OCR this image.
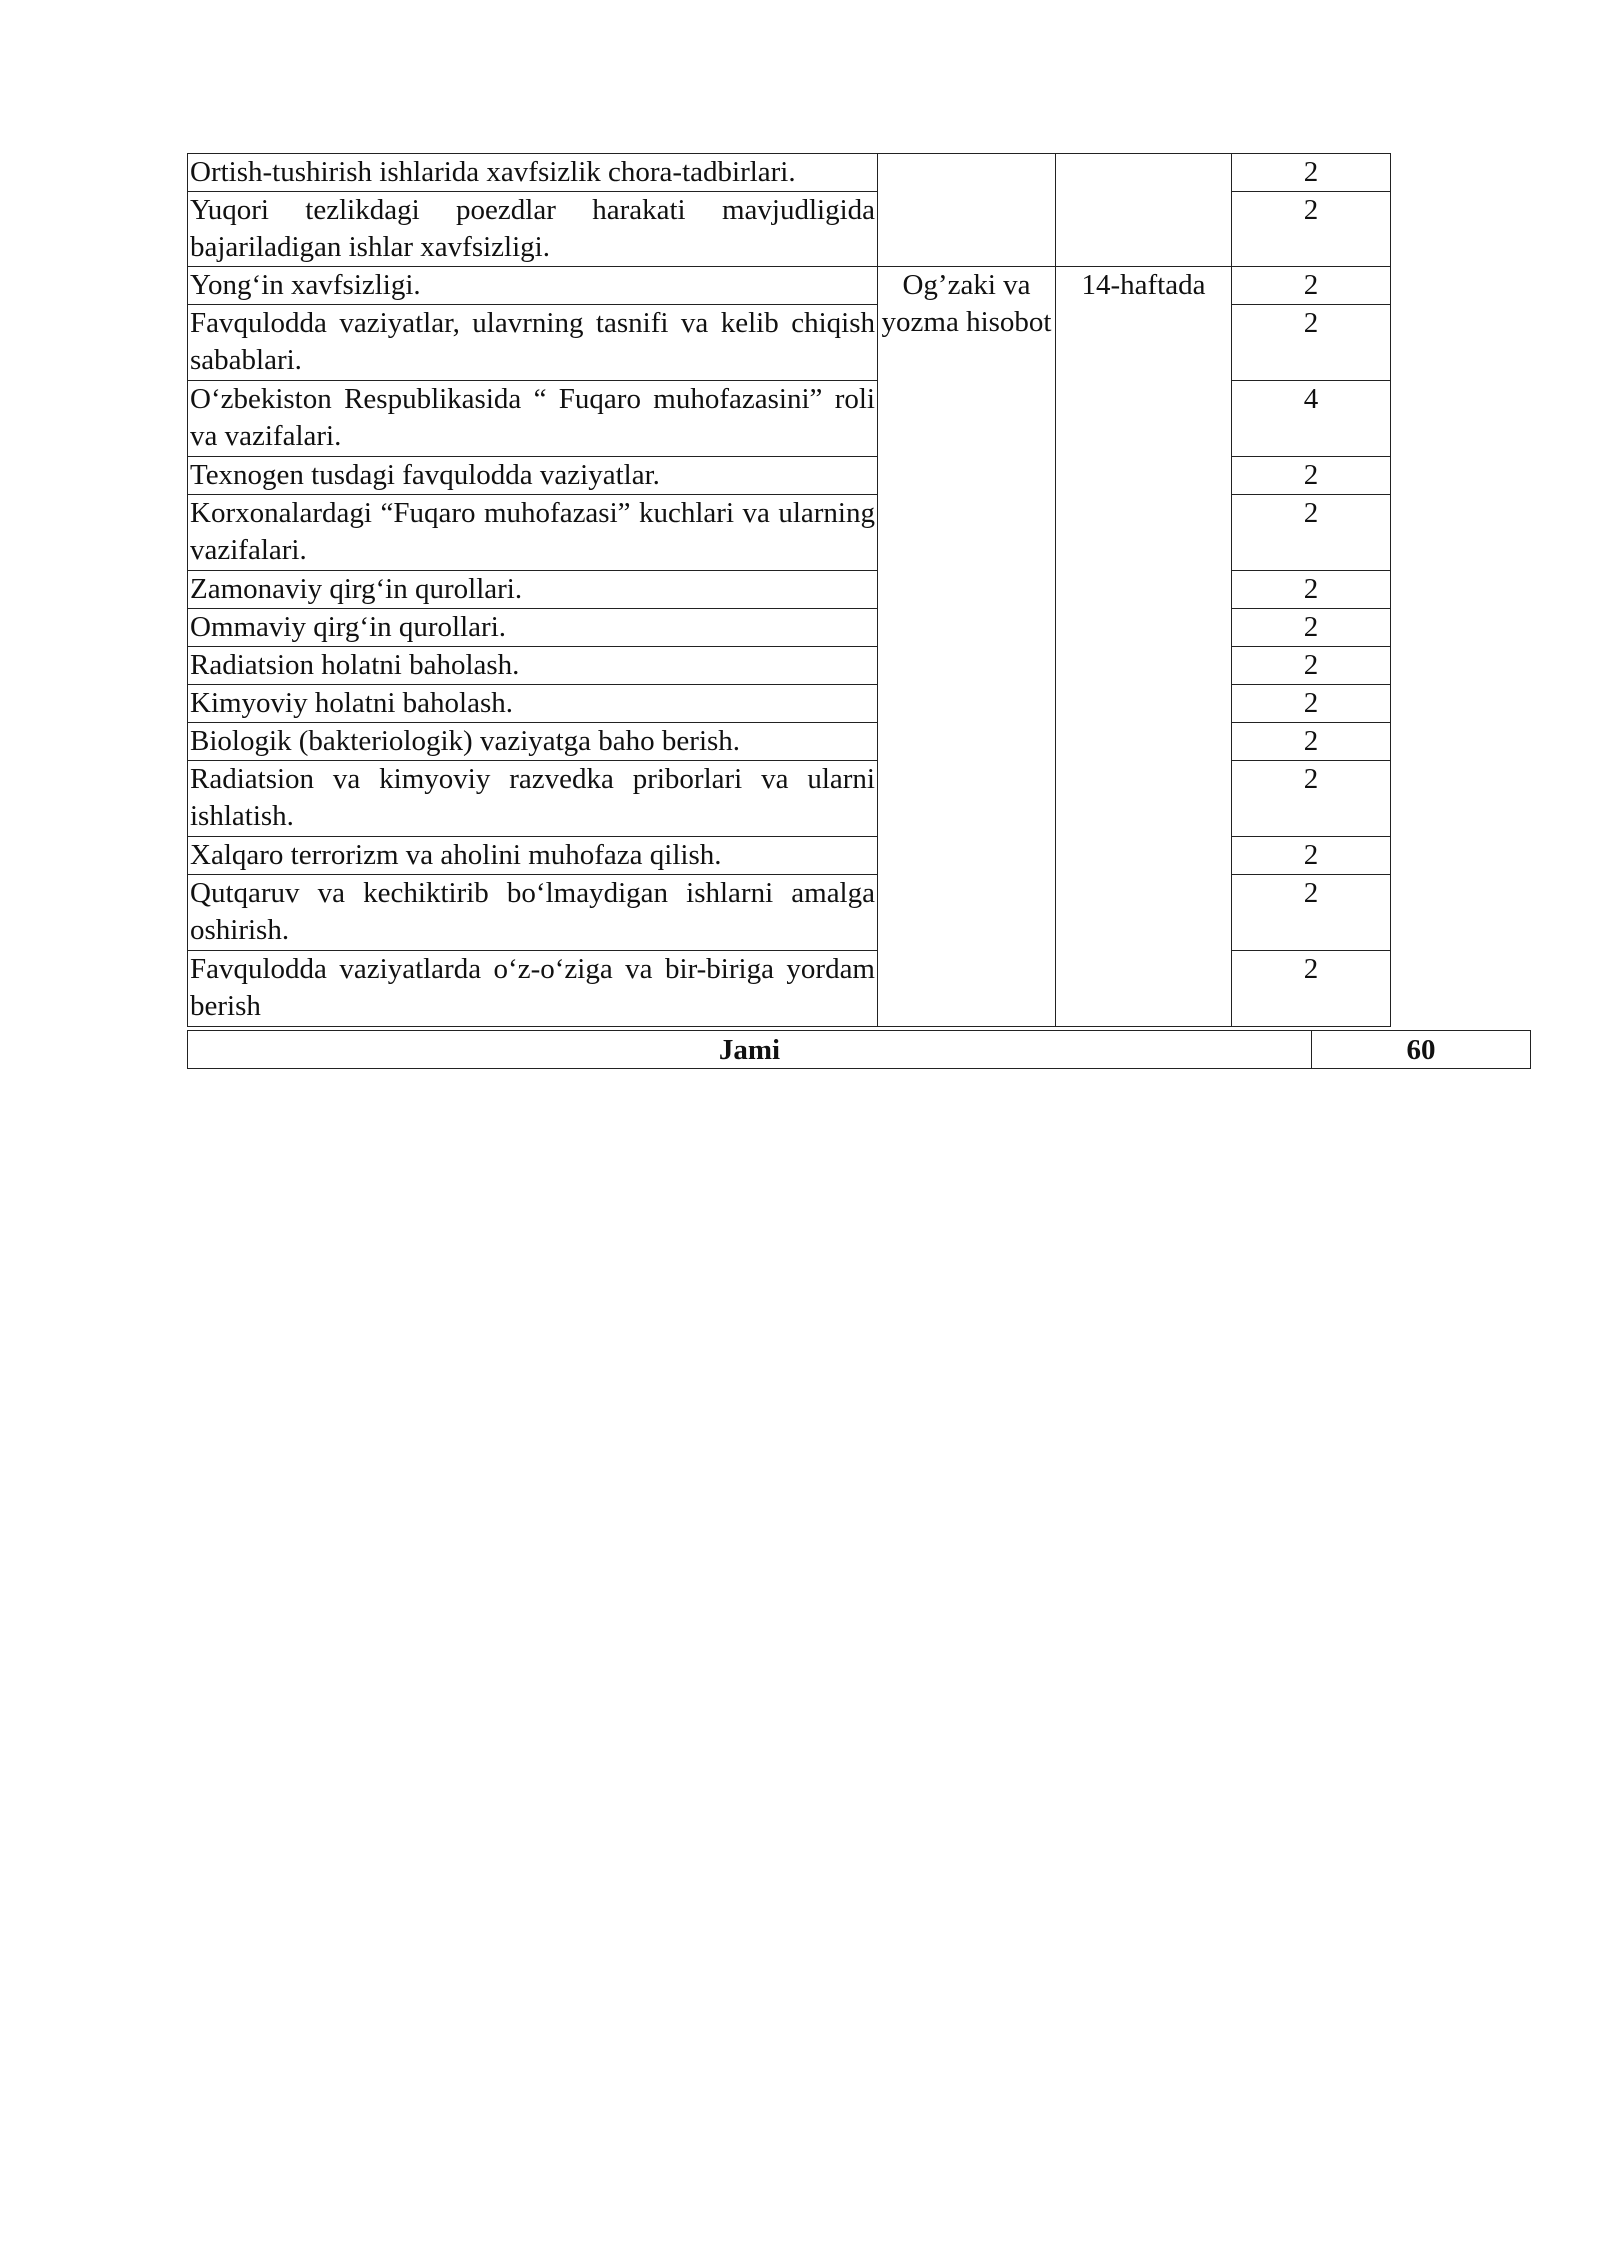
Ortish-tushirish ishlarida xavfsizlik chora-tadbirlari.			2
Yuqori tezlikdagi poezdlar harakati mavjudligida bajariladigan ishlar xavfsizligi.			2
Yong‘in xavfsizligi.	Og’zaki va yozma hisobot	14-haftada	2
Favqulodda vaziyatlar, ulavrning tasnifi va kelib chiqish sabablari.			2
O‘zbekiston Respublikasida “ Fuqaro muhofazasini” roli va vazifalari.			4
Texnogen tusdagi favqulodda vaziyatlar.			2
Korxonalardagi “Fuqaro muhofazasi” kuchlari va ularning vazifalari.			2
Zamonaviy qirg‘in qurollari.			2
Ommaviy qirg‘in qurollari.			2
Radiatsion holatni baholash.			2
Kimyoviy holatni baholash.			2
Biologik (bakteriologik) vaziyatga baho berish.			2
Radiatsion va kimyoviy razvedka priborlari va ularni ishlatish.			2
Xalqaro terrorizm va aholini muhofaza qilish.			2
Qutqaruv va kechiktirib bo‘lmaydigan ishlarni amalga oshirish.			2
Favqulodda vaziyatlarda o‘z-o‘ziga va bir-biriga yordam berish			2
Jami	60
